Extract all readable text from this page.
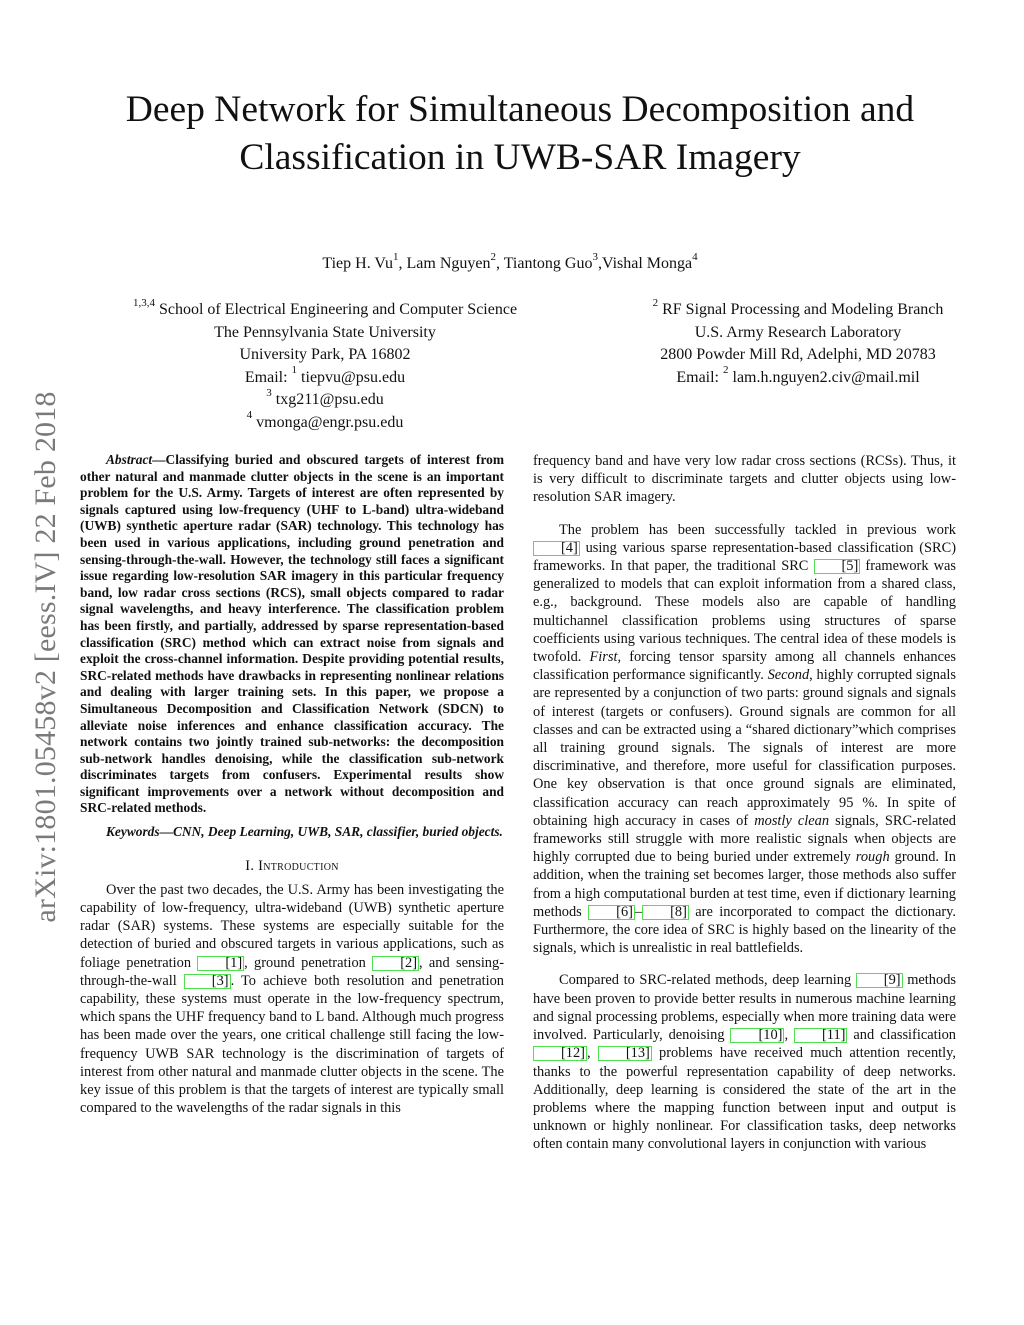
arXiv:1801.05458v2 [eess.IV] 22 Feb 2018
Deep Network for Simultaneous Decomposition and
Classification in UWB-SAR Imagery
Tiep H. Vu$^1$, Lam Nguyen$^2$, Tiantong Guo$^3$,Vishal Monga$^4$
$^{1,3,4}$ School of Electrical Engineering and Computer Science
The Pennsylvania State University
University Park, PA 16802
Email: $^1$ tiepvu@psu.edu
$^3$ txg211@psu.edu
$^4$ vmonga@engr.psu.edu
$^2$ RF Signal Processing and Modeling Branch
U.S. Army Research Laboratory
2800 Powder Mill Rd, Adelphi, MD 20783
Email: $^2$ lam.h.nguyen2.civ@mail.mil

Abstract—Classifying buried and obscured targets of interest from other natural and manmade clutter objects in the scene is an important problem for the U.S. Army. Targets of interest are often represented by signals captured using low-frequency (UHF to L-band) ultra-wideband (UWB) synthetic aperture radar (SAR) technology. This technology has been used in various applications, including ground penetration and sensing-through-the-wall. However, the technology still faces a significant issue regarding low-resolution SAR imagery in this particular frequency band, low radar cross sections (RCS), small objects compared to radar signal wavelengths, and heavy interference. The classification problem has been firstly, and partially, addressed by sparse representation-based classification (SRC) method which can extract noise from signals and exploit the cross-channel information. Despite providing potential results, SRC-related methods have drawbacks in representing nonlinear relations and dealing with larger training sets. In this paper, we propose a Simultaneous Decomposition and Classification Network (SDCN) to alleviate noise inferences and enhance classification accuracy. The network contains two jointly trained sub-networks: the decomposition sub-network handles denoising, while the classification sub-network discriminates targets from confusers. Experimental results show significant improvements over a network without decomposition and SRC-related methods.

Keywords—CNN, Deep Learning, UWB, SAR, classifier, buried objects.

I. Introduction

Over the past two decades, the U.S. Army has been investigating the capability of low-frequency, ultra-wideband (UWB) synthetic aperture radar (SAR) systems. These systems are especially suitable for the detection of buried and obscured targets in various applications, such as foliage penetration [1] , ground penetration [2] , and sensing-through-the-wall [3] . To achieve both resolution and penetration capability, these systems must operate in the low-frequency spectrum, which spans the UHF frequency band to L band. Although much progress has been made over the years, one critical challenge still facing the low-frequency UWB SAR technology is the discrimination of targets of interest from other natural and manmade clutter objects in the scene. The key issue of this problem is that the targets of interest are typically small compared to the wavelengths of the radar signals in this

frequency band and have very low radar cross sections (RCSs). Thus, it is very difficult to discriminate targets and clutter objects using low-resolution SAR imagery.

The problem has been successfully tackled in previous work [4] using various sparse representation-based classification (SRC) frameworks. In that paper, the traditional SRC [5] framework was generalized to models that can exploit information from a shared class, e.g., background. These models also are capable of handling multichannel classification problems using structures of sparse coefficients using various techniques. The central idea of these models is twofold. First, forcing tensor sparsity among all channels enhances classification performance significantly. Second, highly corrupted signals are represented by a conjunction of two parts: ground signals and signals of interest (targets or confusers). Ground signals are common for all classes and can be extracted using a “shared dictionary”which comprises all training ground signals. The signals of interest are more discriminative, and therefore, more useful for classification purposes. One key observation is that once ground signals are eliminated, classification accuracy can reach approximately 95 %. In spite of obtaining high accuracy in cases of mostly clean signals, SRC-related frameworks still struggle with more realistic signals when objects are highly corrupted due to being buried under extremely rough ground. In addition, when the training set becomes larger, those methods also suffer from a high computational burden at test time, even if dictionary learning methods [6] – [8] are incorporated to compact the dictionary. Furthermore, the core idea of SRC is highly based on the linearity of the signals, which is unrealistic in real battlefields.

Compared to SRC-related methods, deep learning [9] methods have been proven to provide better results in numerous machine learning and signal processing problems, especially when more training data were involved. Particularly, denoising [10] , [11] and classification [12] , [13] problems have received much attention recently, thanks to the powerful representation capability of deep networks. Additionally, deep learning is considered the state of the art in the problems where the mapping function between input and output is unknown or highly nonlinear. For classification tasks, deep networks often contain many convolutional layers in conjunction with various
